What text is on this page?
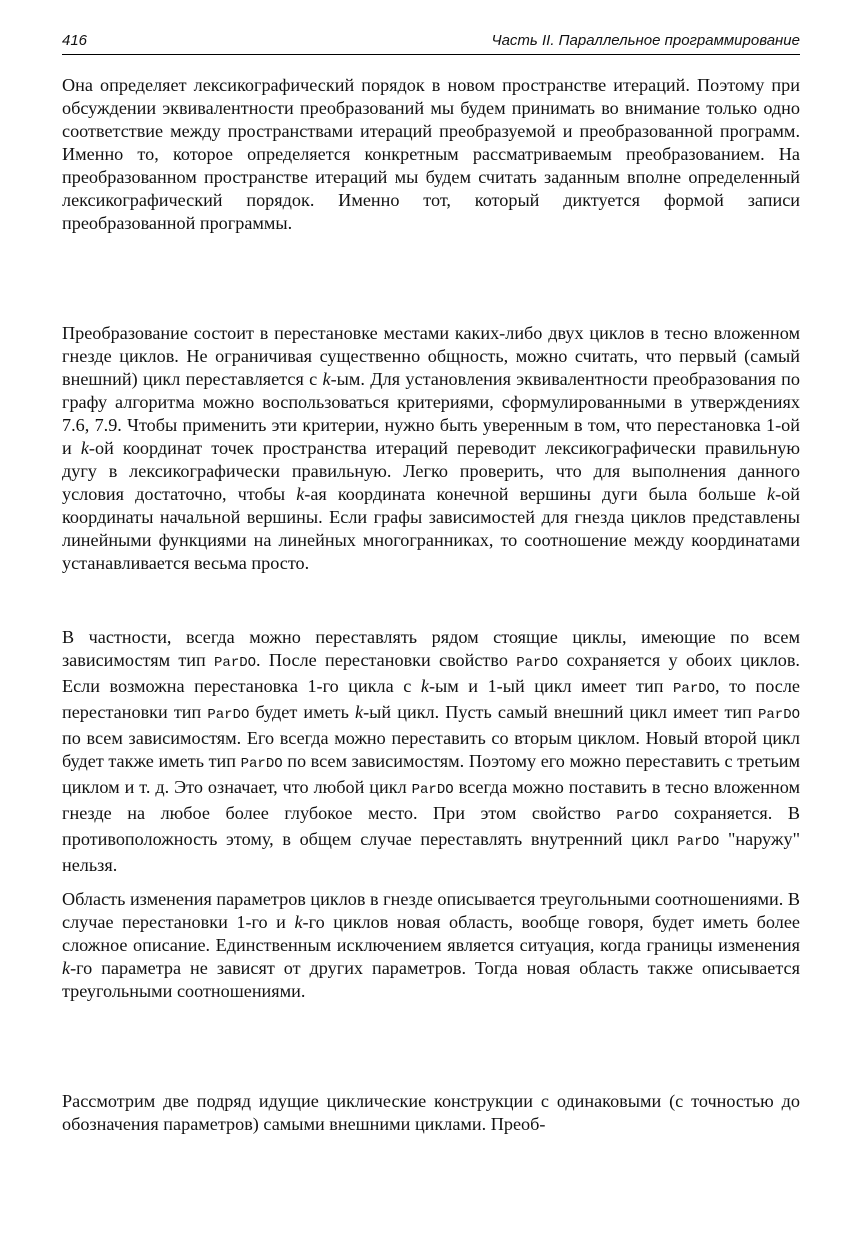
416	Часть II. Параллельное программирование

Она определяет лексикографический порядок в новом пространстве итераций. Поэтому при обсуждении эквивалентности преобразований мы будем принимать во внимание только одно соответствие между пространствами итераций преобразуемой и преобразованной программ. Именно то, которое определяется конкретным рассматриваемым преобразованием. На преобразованном пространстве итераций мы будем считать заданным вполне определенный лексикографический порядок. Именно тот, который диктуется формой записи преобразованной программы.

Преобразование состоит в перестановке местами каких-либо двух циклов в тесно вложенном гнезде циклов. Не ограничивая существенно общность, можно считать, что первый (самый внешний) цикл переставляется с k-ым. Для установления эквивалентности преобразования по графу алгоритма можно воспользоваться критериями, сформулированными в утверждениях 7.6, 7.9. Чтобы применить эти критерии, нужно быть уверенным в том, что перестановка 1-ой и k-ой координат точек пространства итераций переводит лексикографически правильную дугу в лексикографически правильную. Легко проверить, что для выполнения данного условия достаточно, чтобы k-ая координата конечной вершины дуги была больше k-ой координаты начальной вершины. Если графы зависимостей для гнезда циклов представлены линейными функциями на линейных многогранниках, то соотношение между координатами устанавливается весьма просто.

В частности, всегда можно переставлять рядом стоящие циклы, имеющие по всем зависимостям тип ParDO. После перестановки свойство ParDO сохраняется у обоих циклов. Если возможна перестановка 1-го цикла с k-ым и 1-ый цикл имеет тип ParDO, то после перестановки тип ParDO будет иметь k-ый цикл. Пусть самый внешний цикл имеет тип ParDO по всем зависимостям. Его всегда можно переставить со вторым циклом. Новый второй цикл будет также иметь тип ParDO по всем зависимостям. Поэтому его можно переставить с третьим циклом и т. д. Это означает, что любой цикл ParDO всегда можно поставить в тесно вложенном гнезде на любое более глубокое место. При этом свойство ParDO сохраняется. В противоположность этому, в общем случае переставлять внутренний цикл ParDO "наружу" нельзя.

Область изменения параметров циклов в гнезде описывается треугольными соотношениями. В случае перестановки 1-го и k-го циклов новая область, вообще говоря, будет иметь более сложное описание. Единственным исключением является ситуация, когда границы изменения k-го параметра не зависят от других параметров. Тогда новая область также описывается треугольными соотношениями.

Рассмотрим две подряд идущие циклические конструкции с одинаковыми (с точностью до обозначения параметров) самыми внешними циклами. Преоб-
